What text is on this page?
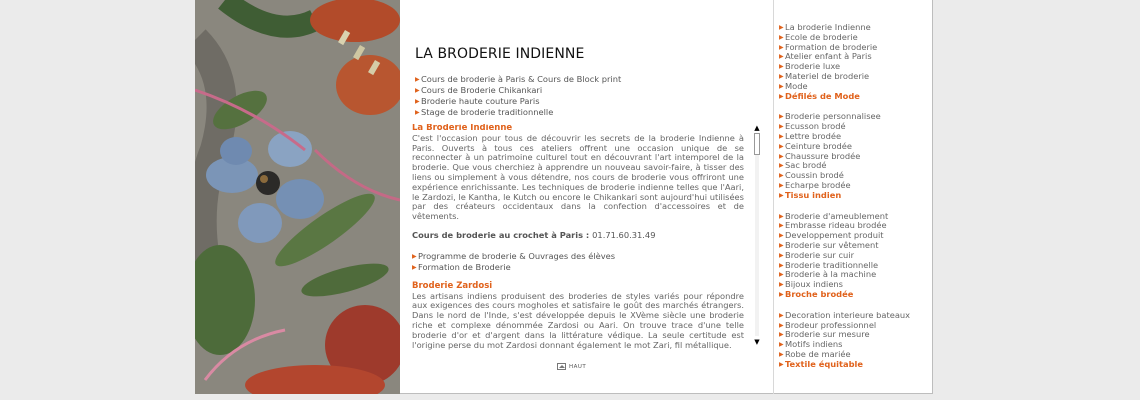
LA BRODERIE INDIENNE
▶Cours de broderie à Paris & Cours de Block print
▶Cours de Broderie Chikankari
▶Broderie haute couture Paris
▶Stage de broderie traditionnelle
La Broderie Indienne

C'est l'occasion pour tous de découvrir les secrets de la broderie Indienne à Paris. Ouverts à tous ces ateliers offrent une occasion unique de se reconnecter à un patrimoine culturel tout en découvrant l'art intemporel de la broderie. Que vous cherchiez à apprendre un nouveau savoir-faire, à tisser des liens ou simplement à vous détendre, nos cours de broderie vous offriront une expérience enrichissante. Les techniques de broderie indienne telles que l'Aari, le Zardozi, le Kantha, le Kutch ou encore le Chikankari sont aujourd'hui utilisées par des créateurs occidentaux dans la confection d'accessoires et de vêtements.

Cours de broderie au crochet à Paris : 01.71.60.31.49
▶Programme de broderie & Ouvrages des élèves
▶Formation de Broderie
Broderie Zardosi

Les artisans indiens produisent des broderies de styles variés pour répondre aux exigences des cours mogholes et satisfaire le goût des marchés étrangers. Dans le nord de l'Inde, s'est développée depuis le XVème siècle une broderie riche et complexe dénommée Zardosi ou Aari. On trouve trace d'une telle broderie d'or et d'argent dans la littérature védique. La seule certitude est l'origine perse du mot Zardosi donnant également le mot Zari, fil métallique.

▲
▼
HAUT
▶La broderie Indienne
▶Ecole de broderie
▶Formation de broderie
▶Atelier enfant à Paris
▶Broderie luxe
▶Materiel de broderie
▶Mode
▶Défilés de Mode
▶Broderie personnalisee
▶Ecusson brodé
▶Lettre brodée
▶Ceinture brodée
▶Chaussure brodée
▶Sac brodé
▶Coussin brodé
▶Echarpe brodée
▶Tissu indien
▶Broderie d'ameublement
▶Embrasse rideau brodée
▶Developpement produit
▶Broderie sur vêtement
▶Broderie sur cuir
▶Broderie traditionnelle
▶Broderie à la machine
▶Bijoux indiens
▶Broche brodée
▶Decoration interieure bateaux
▶Brodeur professionnel
▶Broderie sur mesure
▶Motifs indiens
▶Robe de mariée
▶Textile équitable
